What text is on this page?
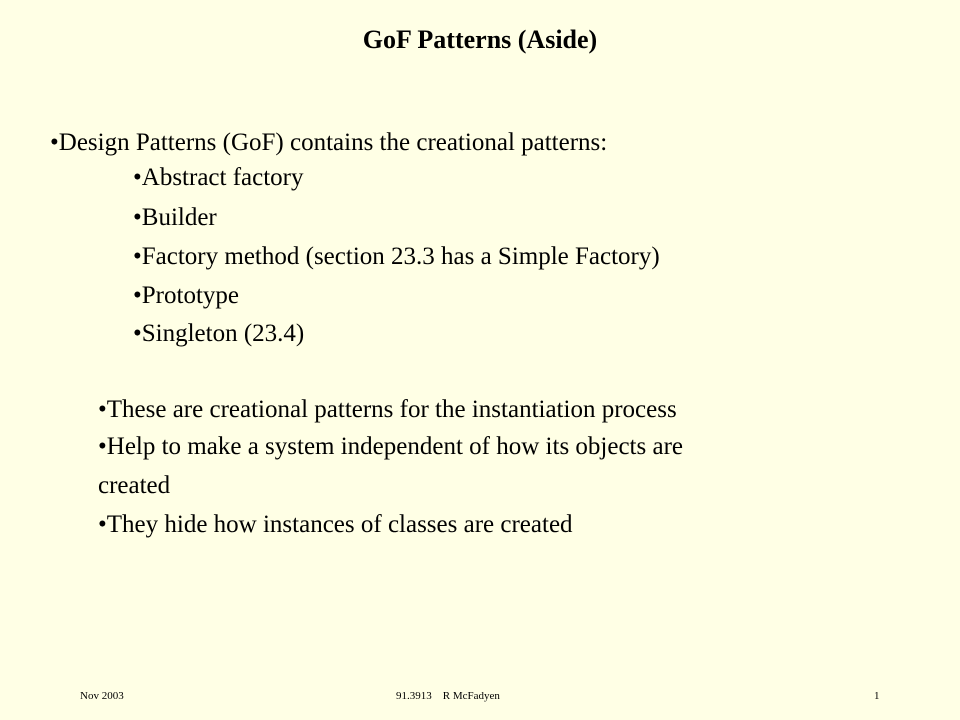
GoF Patterns (Aside)
•Design Patterns (GoF) contains the creational patterns:
•Abstract factory
•Builder
•Factory method (section 23.3 has a Simple Factory)
•Prototype
•Singleton (23.4)
•These are creational patterns for the instantiation process
•Help to make a system independent of how its objects are
created
•They hide how instances of classes are created
Nov 2003	91.3913    R McFadyen	1
